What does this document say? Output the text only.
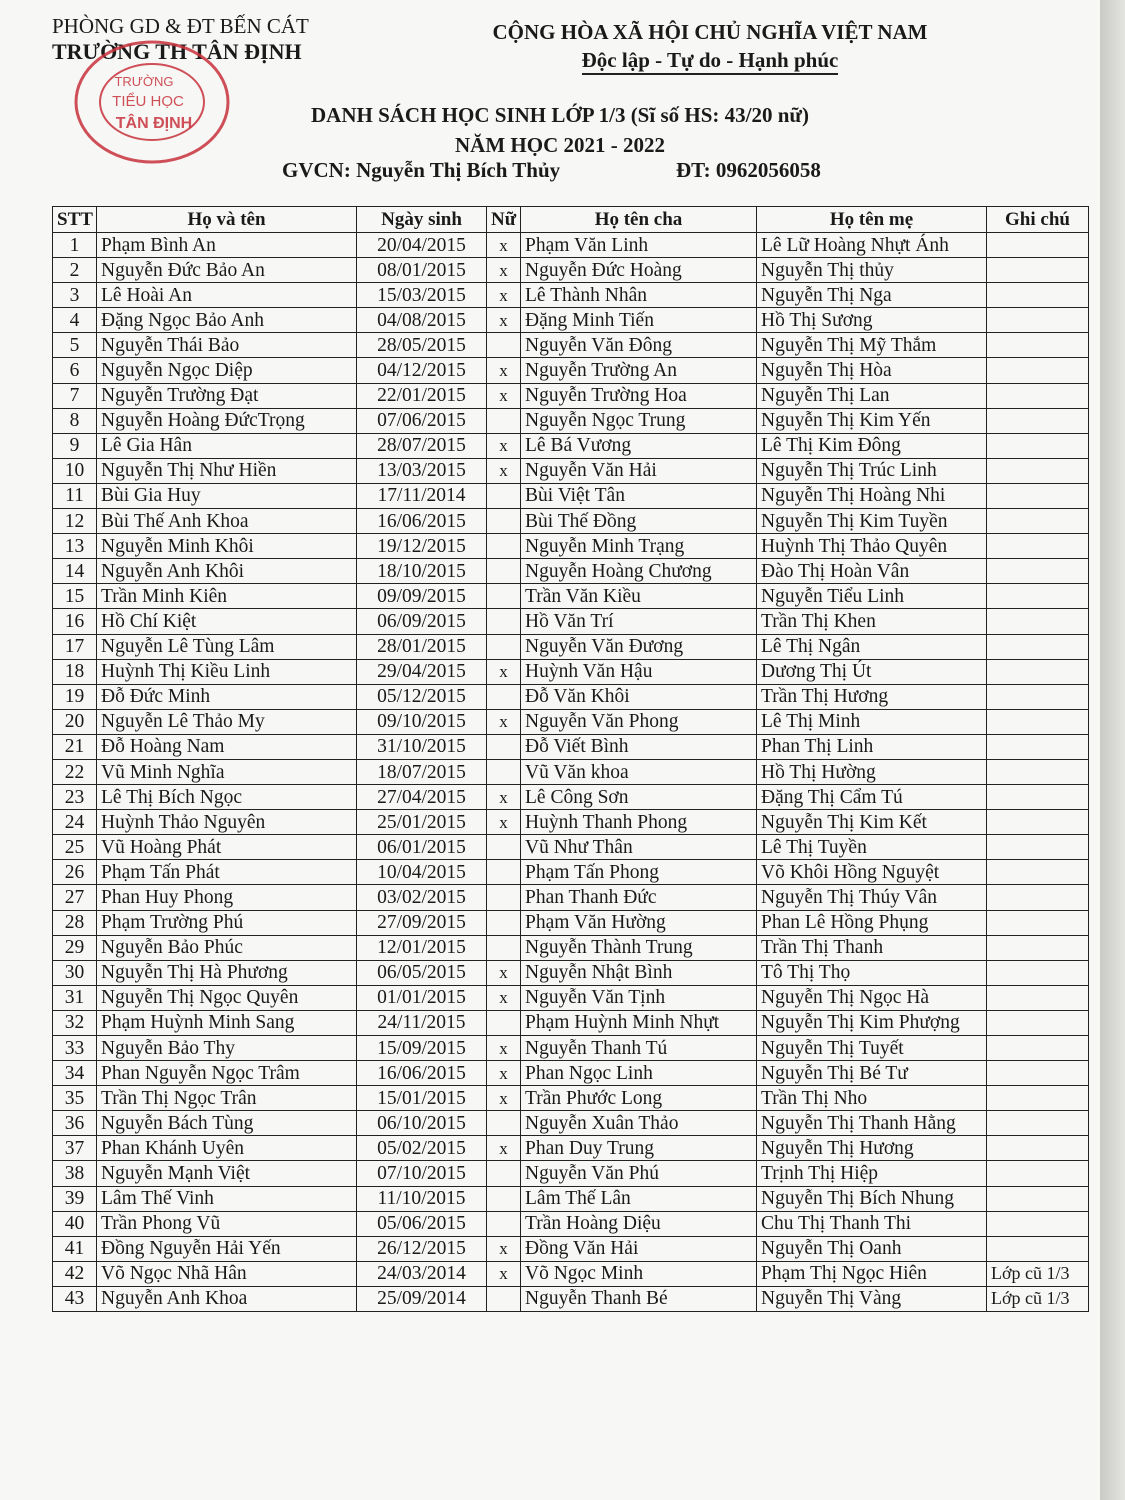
PHÒNG GD & ĐT BẾN CÁT
TRƯỜNG TH TÂN ĐỊNH
TRƯỜNG
TIỂU HỌC
TÂN ĐỊNH
CỘNG HÒA XÃ HỘI CHỦ NGHĨA VIỆT NAM
Độc lập - Tự do - Hạnh phúc
DANH SÁCH HỌC SINH LỚP 1/3 (Sĩ số HS: 43/20 nữ)
NĂM HỌC 2021 - 2022
GVCN: Nguyễn Thị Bích Thủy	ĐT: 0962056058
STT	Họ và tên	Ngày sinh	Nữ	Họ tên cha	Họ tên mẹ	Ghi chú
1	Phạm Bình An	20/04/2015	x	Phạm Văn Linh	Lê Lữ Hoàng Nhựt Ánh	
2	Nguyễn Đức Bảo An	08/01/2015	x	Nguyễn Đức Hoàng	Nguyễn Thị thủy	
3	Lê Hoài An	15/03/2015	x	Lê Thành Nhân	Nguyễn Thị Nga	
4	Đặng Ngọc Bảo Anh	04/08/2015	x	Đặng Minh Tiến	Hồ Thị Sương	
5	Nguyễn Thái Bảo	28/05/2015		Nguyễn Văn Đông	Nguyễn Thị Mỹ Thắm	
6	Nguyễn Ngọc Diệp	04/12/2015	x	Nguyễn Trường An	Nguyễn Thị Hòa	
7	Nguyễn Trường Đạt	22/01/2015	x	Nguyễn Trường Hoa	Nguyễn Thị Lan	
8	Nguyễn Hoàng ĐứcTrọng	07/06/2015		Nguyễn Ngọc Trung	Nguyễn Thị Kim Yến	
9	Lê Gia Hân	28/07/2015	x	Lê Bá Vương	Lê Thị Kim Đông	
10	Nguyễn Thị Như Hiền	13/03/2015	x	Nguyễn Văn Hải	Nguyễn Thị Trúc Linh	
11	Bùi Gia Huy	17/11/2014		Bùi Việt Tân	Nguyễn Thị Hoàng Nhi	
12	Bùi Thế Anh Khoa	16/06/2015		Bùi Thế Đồng	Nguyễn Thị Kim Tuyền	
13	Nguyễn Minh Khôi	19/12/2015		Nguyễn Minh Trạng	Huỳnh Thị Thảo Quyên	
14	Nguyễn Anh Khôi	18/10/2015		Nguyễn Hoàng Chương	Đào Thị Hoàn Vân	
15	Trần Minh Kiên	09/09/2015		Trần Văn Kiều	Nguyễn Tiểu Linh	
16	Hồ Chí Kiệt	06/09/2015		Hồ Văn Trí	Trần Thị Khen	
17	Nguyễn Lê Tùng Lâm	28/01/2015		Nguyễn Văn Đương	Lê Thị Ngân	
18	Huỳnh Thị Kiều Linh	29/04/2015	x	Huỳnh Văn Hậu	Dương Thị Út	
19	Đỗ Đức Minh	05/12/2015		Đỗ Văn Khôi	Trần Thị Hương	
20	Nguyễn Lê Thảo My	09/10/2015	x	Nguyễn Văn Phong	Lê Thị Minh	
21	Đỗ Hoàng Nam	31/10/2015		Đỗ Viết Bình	Phan Thị Linh	
22	Vũ Minh Nghĩa	18/07/2015		Vũ Văn khoa	Hồ Thị Hường	
23	Lê Thị Bích Ngọc	27/04/2015	x	Lê Công Sơn	Đặng Thị Cẩm Tú	
24	Huỳnh Thảo Nguyên	25/01/2015	x	Huỳnh Thanh Phong	Nguyễn Thị Kim Kết	
25	Vũ Hoàng Phát	06/01/2015		Vũ Như Thân	Lê Thị Tuyền	
26	Phạm Tấn Phát	10/04/2015		Phạm Tấn Phong	Võ Khôi Hồng Nguyệt	
27	Phan Huy Phong	03/02/2015		Phan Thanh Đức	Nguyễn Thị Thúy Vân	
28	Phạm Trường Phú	27/09/2015		Phạm Văn Hường	Phan Lê Hồng Phụng	
29	Nguyễn Bảo Phúc	12/01/2015		Nguyễn Thành Trung	Trần Thị Thanh	
30	Nguyễn Thị Hà Phương	06/05/2015	x	Nguyễn Nhật Bình	Tô Thị Thọ	
31	Nguyễn Thị Ngọc Quyên	01/01/2015	x	Nguyễn Văn Tịnh	Nguyễn Thị Ngọc Hà	
32	Phạm Huỳnh Minh Sang	24/11/2015		Phạm Huỳnh Minh Nhựt	Nguyễn Thị Kim Phượng	
33	Nguyễn Bảo Thy	15/09/2015	x	Nguyễn Thanh Tú	Nguyễn Thị Tuyết	
34	Phan Nguyễn Ngọc Trâm	16/06/2015	x	Phan Ngọc Linh	Nguyễn Thị Bé Tư	
35	Trần Thị Ngọc Trân	15/01/2015	x	Trần Phước Long	Trần Thị Nho	
36	Nguyễn Bách Tùng	06/10/2015		Nguyễn Xuân Thảo	Nguyễn Thị Thanh Hằng	
37	Phan Khánh Uyên	05/02/2015	x	Phan Duy Trung	Nguyễn Thị Hương	
38	Nguyễn Mạnh Việt	07/10/2015		Nguyễn Văn Phú	Trịnh Thị Hiệp	
39	Lâm Thế Vinh	11/10/2015		Lâm Thế Lân	Nguyễn Thị Bích Nhung	
40	Trần Phong Vũ	05/06/2015		Trần Hoàng Diệu	Chu Thị Thanh Thi	
41	Đồng Nguyễn Hải Yến	26/12/2015	x	Đồng Văn Hải	Nguyễn Thị Oanh	
42	Võ Ngọc Nhã Hân	24/03/2014	x	Võ Ngọc Minh	Phạm Thị Ngọc Hiên	Lớp cũ 1/3
43	Nguyễn Anh Khoa	25/09/2014		Nguyễn Thanh Bé	Nguyễn Thị Vàng	Lớp cũ 1/3
